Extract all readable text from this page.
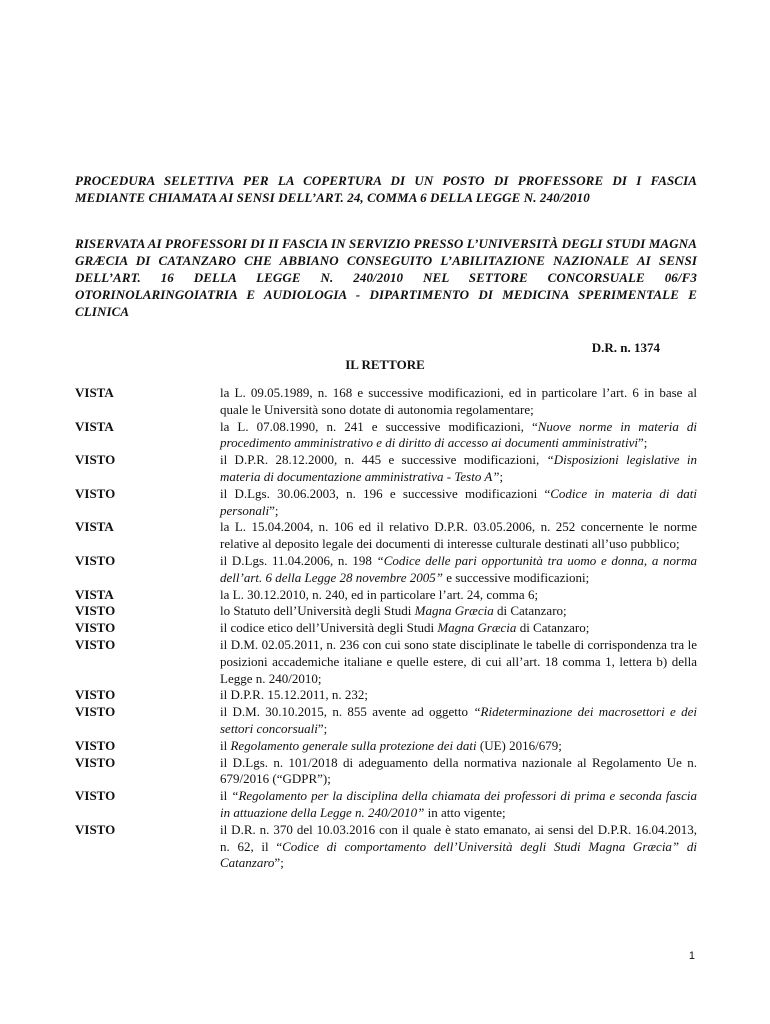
PROCEDURA SELETTIVA PER LA COPERTURA DI UN POSTO DI PROFESSORE DI I FASCIA MEDIANTE CHIAMATA AI SENSI DELL’ART. 24, COMMA 6 DELLA LEGGE N. 240/2010
RISERVATA AI PROFESSORI DI II FASCIA IN SERVIZIO PRESSO L’UNIVERSITÀ DEGLI STUDI MAGNA GRÆCIA DI CATANZARO CHE ABBIANO CONSEGUITO L’ABILITAZIONE NAZIONALE AI SENSI DELL’ART. 16 DELLA LEGGE N. 240/2010 NEL SETTORE CONCORSUALE 06/F3 OTORINOLARINGOIATRIA E AUDIOLOGIA - DIPARTIMENTO DI MEDICINA SPERIMENTALE E CLINICA
D.R. n. 1374
IL RETTORE
VISTA	la L. 09.05.1989, n. 168 e successive modificazioni, ed in particolare l’art. 6 in base al quale le Università sono dotate di autonomia regolamentare;
VISTA	la L. 07.08.1990, n. 241 e successive modificazioni, “Nuove norme in materia di procedimento amministrativo e di diritto di accesso ai documenti amministrativi”;
VISTO	il D.P.R. 28.12.2000, n. 445 e successive modificazioni, “Disposizioni legislative in materia di documentazione amministrativa - Testo A”;
VISTO	il D.Lgs. 30.06.2003, n. 196 e successive modificazioni “Codice in materia di dati personali”;
VISTA	la L. 15.04.2004, n. 106 ed il relativo D.P.R. 03.05.2006, n. 252 concernente le norme relative al deposito legale dei documenti di interesse culturale destinati all’uso pubblico;
VISTO	il D.Lgs. 11.04.2006, n. 198 “Codice delle pari opportunità tra uomo e donna, a norma dell’art. 6 della Legge 28 novembre 2005” e successive modificazioni;
VISTA	la L. 30.12.2010, n. 240, ed in particolare l’art. 24, comma 6;
VISTO	lo Statuto dell’Università degli Studi Magna Græcia di Catanzaro;
VISTO	il codice etico dell’Università degli Studi Magna Græcia di Catanzaro;
VISTO	il D.M. 02.05.2011, n. 236 con cui sono state disciplinate le tabelle di corrispondenza tra le posizioni accademiche italiane e quelle estere, di cui all’art. 18 comma 1, lettera b) della Legge n. 240/2010;
VISTO	il D.P.R. 15.12.2011, n. 232;
VISTO	il D.M. 30.10.2015, n. 855 avente ad oggetto “Rideterminazione dei macrosettori e dei settori concorsuali”;
VISTO	il Regolamento generale sulla protezione dei dati (UE) 2016/679;
VISTO	il D.Lgs. n. 101/2018 di adeguamento della normativa nazionale al Regolamento Ue n. 679/2016 (“GDPR”);
VISTO	il “Regolamento per la disciplina della chiamata dei professori di prima e seconda fascia in attuazione della Legge n. 240/2010” in atto vigente;
VISTO	il D.R. n. 370 del 10.03.2016 con il quale è stato emanato, ai sensi del D.P.R. 16.04.2013, n. 62, il “Codice di comportamento dell’Università degli Studi Magna Græcia” di Catanzaro”;
1
